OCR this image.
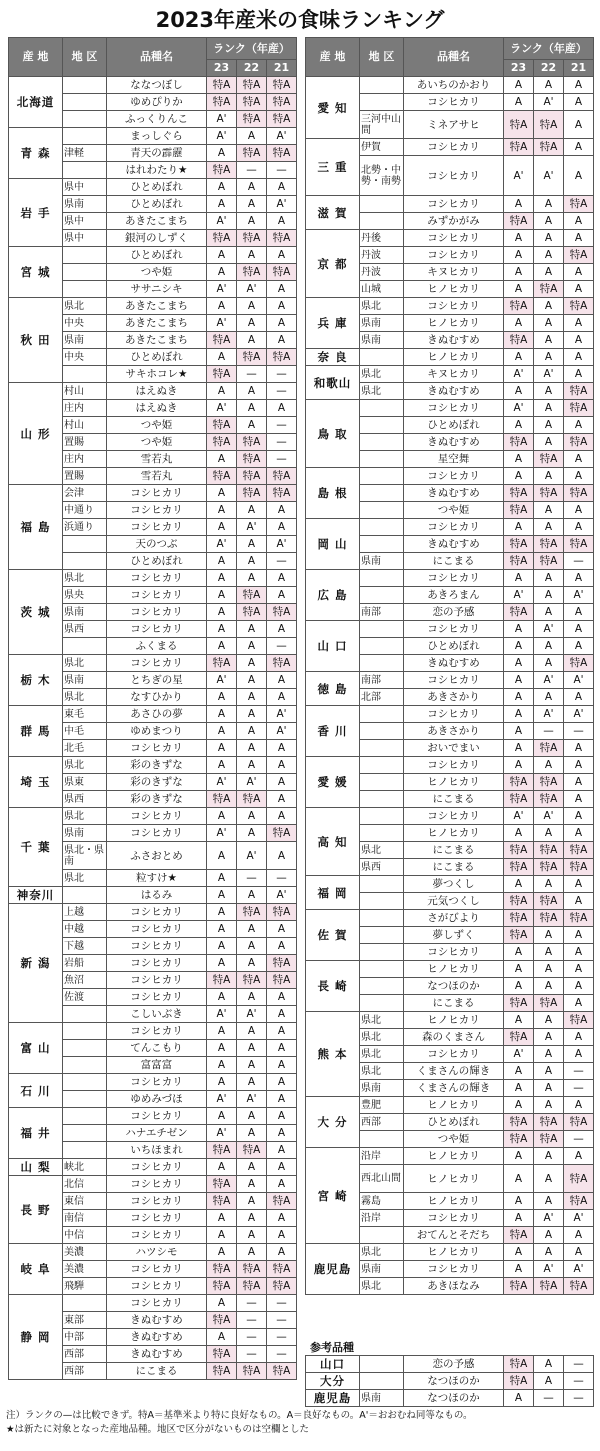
2023年産米の食味ランキング
産 地	地 区	品種名	ランク（年産）		
			23	22	21
北海道		ななつぼし	特A	特A	特A
		ゆめぴりか	特A	特A	特A
		ふっくりんこ	A'	特A	特A
青 森		まっしぐら	A'	A	A'
	津軽	青天の霹靂	A	特A	特A
		はれわたり★	特A	—	—
岩 手	県中	ひとめぼれ	A	A	A
	県南	ひとめぼれ	A	A	A'
	県中	あきたこまち	A'	A	A
	県中	銀河のしずく	特A	特A	特A
宮 城		ひとめぼれ	A	A	A
		つや姫	A	特A	特A
		ササニシキ	A'	A'	A
秋 田	県北	あきたこまち	A	A	A
	中央	あきたこまち	A'	A	A
	県南	あきたこまち	特A	A	A
	中央	ひとめぼれ	A	特A	特A
		サキホコレ★	特A	—	—
山 形	村山	はえぬき	A	A	—
	庄内	はえぬき	A'	A	A
	村山	つや姫	特A	A	—
	置賜	つや姫	特A	特A	—
	庄内	雪若丸	A	特A	—
	置賜	雪若丸	特A	特A	特A
福 島	会津	コシヒカリ	A	特A	特A
	中通り	コシヒカリ	A	A	A
	浜通り	コシヒカリ	A	A'	A
		天のつぶ	A'	A	A'
		ひとめぼれ	A	A	—
茨 城	県北	コシヒカリ	A	A	A
	県央	コシヒカリ	A	特A	A
	県南	コシヒカリ	A	特A	特A
	県西	コシヒカリ	A	A	A
		ふくまる	A	A	—
栃 木	県北	コシヒカリ	特A	A	特A
	県南	とちぎの星	A'	A	A
	県北	なすひかり	A	A	A
群 馬	東毛	あさひの夢	A	A	A'
	中毛	ゆめまつり	A	A	A'
	北毛	コシヒカリ	A	A	A
埼 玉	県北	彩のきずな	A	A	A
	県東	彩のきずな	A'	A'	A
	県西	彩のきずな	特A	特A	A
千 葉	県北	コシヒカリ	A	A	A
	県南	コシヒカリ	A'	A	特A
	県北・県南	ふさおとめ	A	A'	A
	県北	粒すけ★	A	—	—
神奈川		はるみ	A	A	A'
新 潟	上越	コシヒカリ	A	特A	特A
	中越	コシヒカリ	A	A	A
	下越	コシヒカリ	A	A	A
	岩船	コシヒカリ	A	A	特A
	魚沼	コシヒカリ	特A	特A	特A
	佐渡	コシヒカリ	A	A	A
		こしいぶき	A'	A'	A
富 山		コシヒカリ	A	A	A
		てんこもり	A	A	A
		富富富	A	A	A
石 川		コシヒカリ	A	A	A
		ゆめみづほ	A'	A'	A
福 井		コシヒカリ	A	A	A
		ハナエチゼン	A'	A	A
		いちほまれ	特A	特A	A
山 梨	峡北	コシヒカリ	A	A	A
長 野	北信	コシヒカリ	特A	A	A
	東信	コシヒカリ	特A	A	特A
	南信	コシヒカリ	A	A	A
	中信	コシヒカリ	A	A	A
岐 阜	美濃	ハツシモ	A	A	A
	美濃	コシヒカリ	特A	特A	特A
	飛騨	コシヒカリ	特A	特A	特A
静 岡		コシヒカリ	A	—	—
	東部	きぬむすめ	特A	—	—
	中部	きぬむすめ	A	—	—
	西部	きぬむすめ	特A	—	—
	西部	にこまる	特A	特A	特A
産 地	地 区	品種名	ランク（年産）		
			23	22	21
愛 知		あいちのかおり	A	A	A
		コシヒカリ	A	A'	A
	三河中山間	ミネアサヒ	特A	特A	A
三 重	伊賀	コシヒカリ	特A	特A	A
	北勢・中勢・南勢	コシヒカリ	A'	A'	A
滋 賀		コシヒカリ	A	A	特A
		みずかがみ	特A	A	A
京 都	丹後	コシヒカリ	A	A	A
	丹波	コシヒカリ	A	A	特A
	丹波	キヌヒカリ	A	A	A
	山城	ヒノヒカリ	A	特A	A
兵 庫	県北	コシヒカリ	特A	A	特A
	県南	ヒノヒカリ	A	A	A
	県南	きぬむすめ	特A	A	A
奈 良		ヒノヒカリ	A	A	A
和歌山	県北	キヌヒカリ	A'	A'	A
	県北	きぬむすめ	A	A	特A
鳥 取		コシヒカリ	A'	A	特A
		ひとめぼれ	A	A	A
		きぬむすめ	特A	A	特A
		星空舞	A	特A	A
島 根		コシヒカリ	A	A	A
		きぬむすめ	特A	特A	特A
		つや姫	特A	A	A
岡 山		コシヒカリ	A	A	A
		きぬむすめ	特A	特A	特A
	県南	にこまる	特A	特A	—
広 島		コシヒカリ	A	A	A
		あきろまん	A'	A	A'
	南部	恋の予感	特A	A	A
山 口		コシヒカリ	A	A'	A
		ひとめぼれ	A	A	A
		きぬむすめ	A	A	特A
徳 島	南部	コシヒカリ	A	A'	A'
	北部	あきさかり	A	A	A
香 川		コシヒカリ	A	A'	A'
		あきさかり	A	—	—
		おいでまい	A	特A	A
愛 媛		コシヒカリ	A	A	A
		ヒノヒカリ	特A	特A	A
		にこまる	特A	特A	A
高 知		コシヒカリ	A'	A'	A
		ヒノヒカリ	A	A	A
	県北	にこまる	特A	特A	特A
	県西	にこまる	特A	特A	特A
福 岡		夢つくし	A	A	A
		元気つくし	特A	特A	A
佐 賀		さがびより	特A	特A	特A
		夢しずく	特A	A	A
		コシヒカリ	A	A	A
長 崎		ヒノヒカリ	A	A	A
		なつほのか	A	A	A
		にこまる	特A	特A	A
熊 本	県北	ヒノヒカリ	A	A	特A
	県北	森のくまさん	特A	A	A
	県北	コシヒカリ	A'	A	A
	県北	くまさんの輝き	A	A	—
	県南	くまさんの輝き	A	A	—
大 分	豊肥	ヒノヒカリ	A	A	A
	西部	ひとめぼれ	特A	特A	特A
		つや姫	特A	特A	—
宮 崎	沿岸	ヒノヒカリ	A	A	A
	西北山間	ヒノヒカリ	A	A	特A
	霧島	ヒノヒカリ	A	A	特A
	沿岸	コシヒカリ	A	A'	A'
		おてんとそだち	特A	A	A
鹿児島	県北	ヒノヒカリ	A	A	A
	県南	コシヒカリ	A	A'	A'
	県北	あきほなみ	特A	特A	特A
参考品種
山口		恋の予感	特A	A	—
大分		なつほのか	特A	A	—
鹿児島	県南	なつほのか	A	—	—
注）ランクの—は比較できず。特A＝基準米より特に良好なもの。A＝良好なもの。A'＝おおむね同等なもの。
★は新たに対象となった産地品種。地区で区分がないものは空欄とした
